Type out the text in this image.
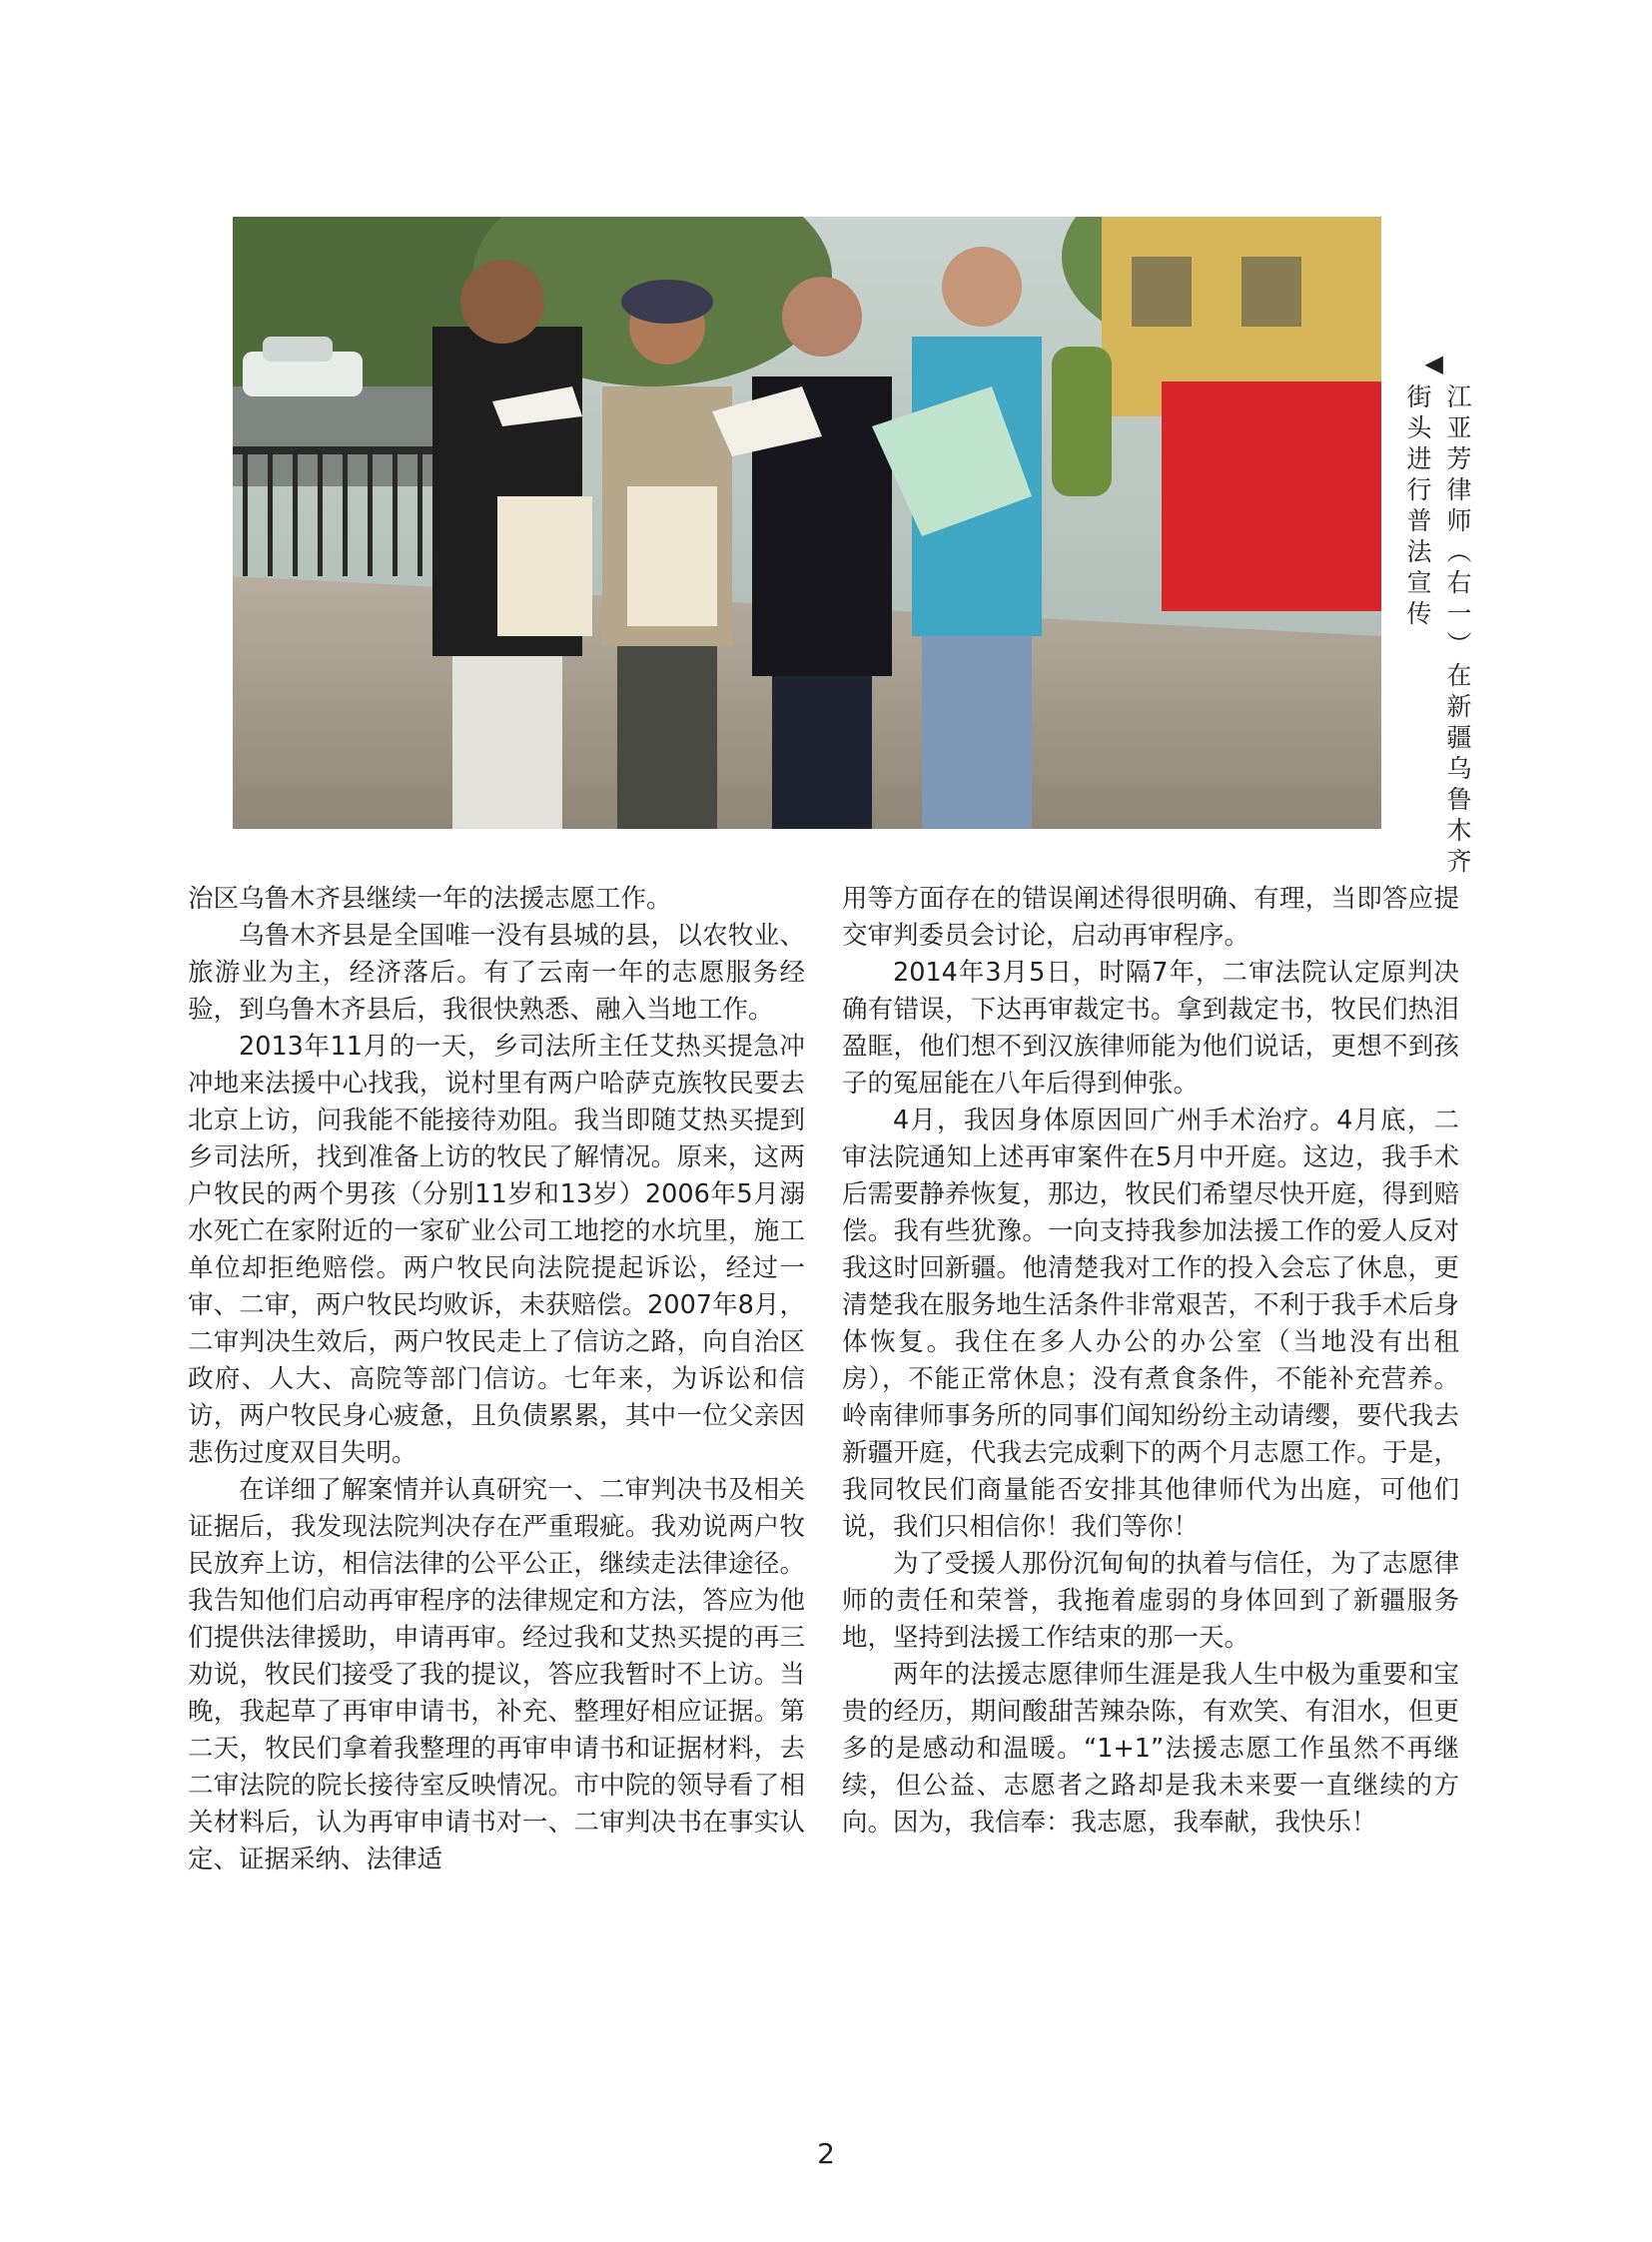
◀
江亚芳律师（右一）在新疆乌鲁木齐
街头进行普法宣传

治区乌鲁木齐县继续一年的法援志愿工作。

乌鲁木齐县是全国唯一没有县城的县，以农牧业、旅游业为主，经济落后。有了云南一年的志愿服务经验，到乌鲁木齐县后，我很快熟悉、融入当地工作。

2013年11月的一天，乡司法所主任艾热买提急冲冲地来法援中心找我，说村里有两户哈萨克族牧民要去北京上访，问我能不能接待劝阻。我当即随艾热买提到乡司法所，找到准备上访的牧民了解情况。原来，这两户牧民的两个男孩（分别11岁和13岁）2006年5月溺水死亡在家附近的一家矿业公司工地挖的水坑里，施工单位却拒绝赔偿。两户牧民向法院提起诉讼，经过一审、二审，两户牧民均败诉，未获赔偿。2007年8月，二审判决生效后，两户牧民走上了信访之路，向自治区政府、人大、高院等部门信访。七年来，为诉讼和信访，两户牧民身心疲惫，且负债累累，其中一位父亲因悲伤过度双目失明。

在详细了解案情并认真研究一、二审判决书及相关证据后，我发现法院判决存在严重瑕疵。我劝说两户牧民放弃上访，相信法律的公平公正，继续走法律途径。我告知他们启动再审程序的法律规定和方法，答应为他们提供法律援助，申请再审。经过我和艾热买提的再三劝说，牧民们接受了我的提议，答应我暂时不上访。当晚，我起草了再审申请书，补充、整理好相应证据。第二天，牧民们拿着我整理的再审申请书和证据材料，去二审法院的院长接待室反映情况。市中院的领导看了相关材料后，认为再审申请书对一、二审判决书在事实认定、证据采纳、法律适

用等方面存在的错误阐述得很明确、有理，当即答应提交审判委员会讨论，启动再审程序。

2014年3月5日，时隔7年，二审法院认定原判决确有错误，下达再审裁定书。拿到裁定书，牧民们热泪盈眶，他们想不到汉族律师能为他们说话，更想不到孩子的冤屈能在八年后得到伸张。

4月，我因身体原因回广州手术治疗。4月底，二审法院通知上述再审案件在5月中开庭。这边，我手术后需要静养恢复，那边，牧民们希望尽快开庭，得到赔偿。我有些犹豫。一向支持我参加法援工作的爱人反对我这时回新疆。他清楚我对工作的投入会忘了休息，更清楚我在服务地生活条件非常艰苦，不利于我手术后身体恢复。我住在多人办公的办公室（当地没有出租房），不能正常休息；没有煮食条件，不能补充营养。岭南律师事务所的同事们闻知纷纷主动请缨，要代我去新疆开庭，代我去完成剩下的两个月志愿工作。于是，我同牧民们商量能否安排其他律师代为出庭，可他们说，我们只相信你！我们等你！

为了受援人那份沉甸甸的执着与信任，为了志愿律师的责任和荣誉，我拖着虚弱的身体回到了新疆服务地，坚持到法援工作结束的那一天。

两年的法援志愿律师生涯是我人生中极为重要和宝贵的经历，期间酸甜苦辣杂陈，有欢笑、有泪水，但更多的是感动和温暖。“1+1”法援志愿工作虽然不再继续，但公益、志愿者之路却是我未来要一直继续的方向。因为，我信奉：我志愿，我奉献，我快乐！

2
